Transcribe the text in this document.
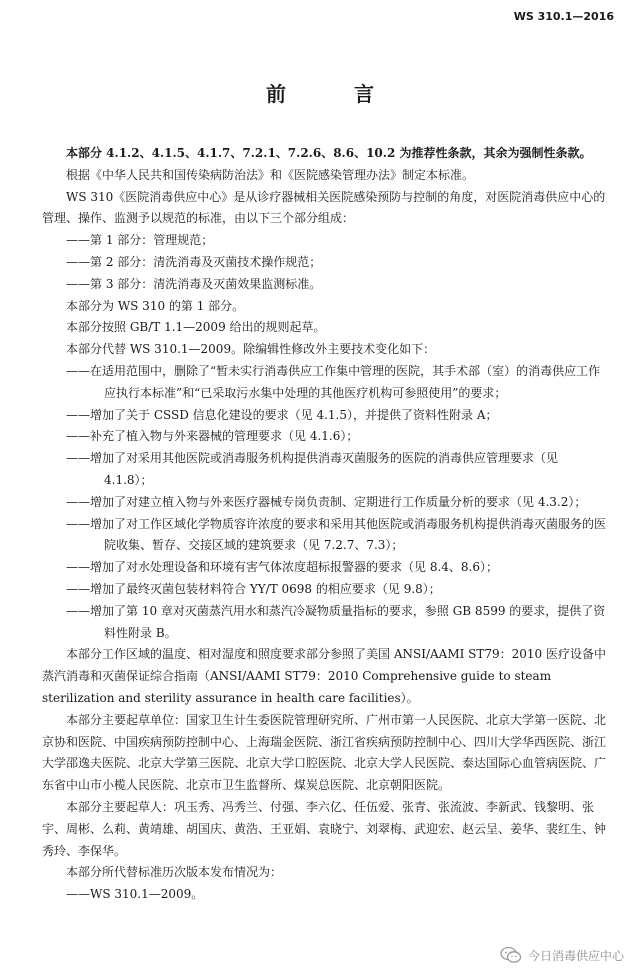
WS 310.1—2016
前　言

本部分 4.1.2、4.1.5、4.1.7、7.2.1、7.2.6、8.6、10.2 为推荐性条款，其余为强制性条款。

根据《中华人民共和国传染病防治法》和《医院感染管理办法》制定本标准。

WS 310《医院消毒供应中心》是从诊疗器械相关医院感染预防与控制的角度，对医院消毒供应中心的管理、操作、监测予以规范的标准，由以下三个部分组成：

——第 1 部分：管理规范；

——第 2 部分：清洗消毒及灭菌技术操作规范；

——第 3 部分：清洗消毒及灭菌效果监测标准。

本部分为 WS 310 的第 1 部分。

本部分按照 GB/T 1.1—2009 给出的规则起草。

本部分代替 WS 310.1—2009。除编辑性修改外主要技术变化如下：

——在适用范围中，删除了“暂未实行消毒供应工作集中管理的医院，其手术部（室）的消毒供应工作应执行本标准”和“已采取污水集中处理的其他医疗机构可参照使用”的要求；

——增加了关于 CSSD 信息化建设的要求（见 4.1.5），并提供了资料性附录 A；

——补充了植入物与外来器械的管理要求（见 4.1.6）；

——增加了对采用其他医院或消毒服务机构提供消毒灭菌服务的医院的消毒供应管理要求（见 4.1.8）；

——增加了对建立植入物与外来医疗器械专岗负责制、定期进行工作质量分析的要求（见 4.3.2）；

——增加了对工作区域化学物质容许浓度的要求和采用其他医院或消毒服务机构提供消毒灭菌服务的医院收集、暂存、交接区域的建筑要求（见 7.2.7、7.3）；

——增加了对水处理设备和环境有害气体浓度超标报警器的要求（见 8.4、8.6）；

——增加了最终灭菌包装材料符合 YY/T 0698 的相应要求（见 9.8）；

——增加了第 10 章对灭菌蒸汽用水和蒸汽冷凝物质量指标的要求，参照 GB 8599 的要求，提供了资料性附录 B。

本部分工作区域的温度、相对湿度和照度要求部分参照了美国 ANSI/AAMI ST79：2010 医疗设备中蒸汽消毒和灭菌保证综合指南（ANSI/AAMI ST79：2010 Comprehensive guide to steam sterilization and sterility assurance in health care facilities）。

本部分主要起草单位：国家卫生计生委医院管理研究所、广州市第一人民医院、北京大学第一医院、北京协和医院、中国疾病预防控制中心、上海瑞金医院、浙江省疾病预防控制中心、四川大学华西医院、浙江大学邵逸夫医院、北京大学第三医院、北京大学口腔医院、北京大学人民医院、泰达国际心血管病医院、广东省中山市小榄人民医院、北京市卫生监督所、煤炭总医院、北京朝阳医院。

本部分主要起草人：巩玉秀、冯秀兰、付强、李六亿、任伍爱、张青、张流波、李新武、钱黎明、张宇、周彬、么莉、黄靖雄、胡国庆、黄浩、王亚娟、袁晓宁、刘翠梅、武迎宏、赵云呈、姜华、裴红生、钟秀玲、李保华。

本部分所代替标准历次版本发布情况为：

——WS 310.1—2009。

今日消毒供应中心
